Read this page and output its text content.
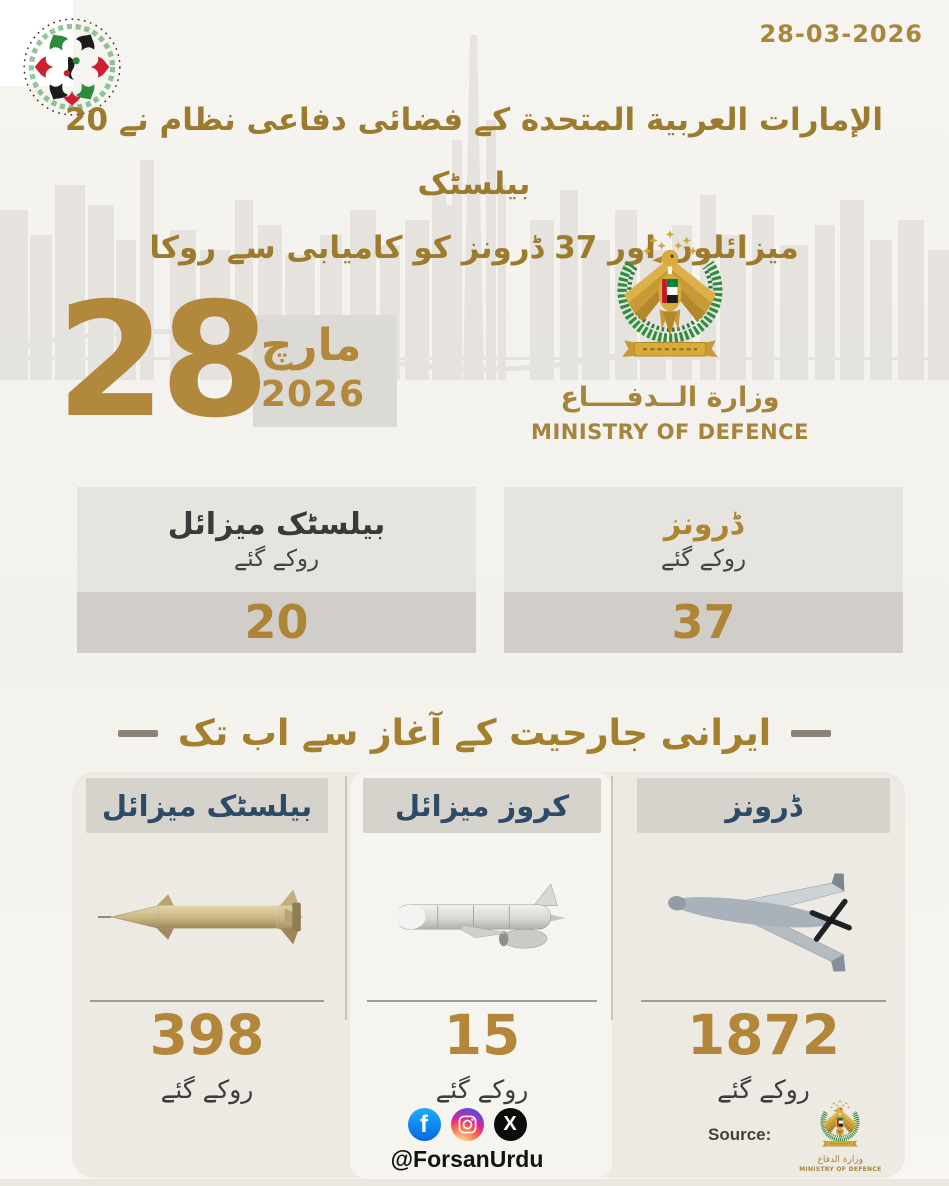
28-03-2026
الإمارات العربية المتحدة کے فضائی دفاعی نظام نے 20 بیلسٹک
میزائلوں اور 37 ڈرونز کو کامیابی سے روکا
28
مارچ
2026	وزارة الــدفــــاع
MINISTRY OF DEFENCE
بیلسٹک میزائل
روکے گئے
20
ڈرونز
روکے گئے
37
ایرانی جارحیت کے آغاز سے اب تک
بیلسٹک میزائل
398
روکے گئے
کروز میزائل
15
روکے گئے
ڈرونز
1872
روکے گئے
f	X
@ForsanUrdu
Source:
وزارة الدفاع
MINISTRY OF DEFENCE
